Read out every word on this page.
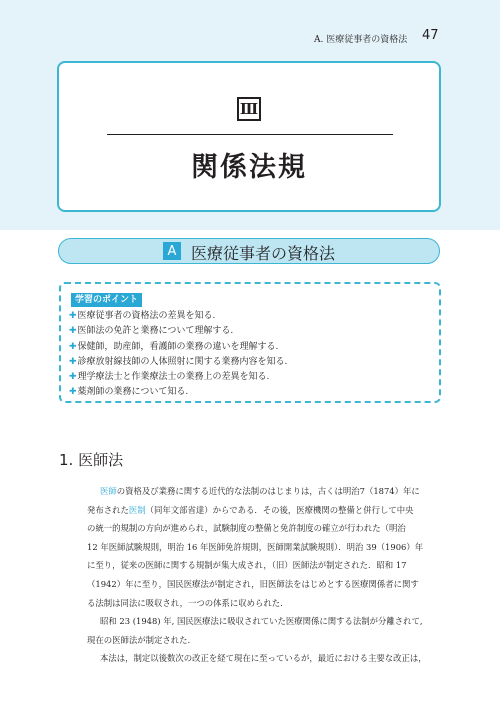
A. 医療従事者の資格法 47
Ⅲ
関係法規
A 医療従事者の資格法
学習のポイント
✚医療従事者の資格法の差異を知る.
✚医師法の免許と業務について理解する.
✚保健師，助産師，看護師の業務の違いを理解する.
✚診療放射線技師の人体照射に関する業務内容を知る.
✚理学療法士と作業療法士の業務上の差異を知る.
✚薬剤師の業務について知る.
1. 医師法

医師の資格及び業務に関する近代的な法制のはじまりは，古くは明治7（1874）年に
発布された医制（同年文部省達）からである．その後，医療機関の整備と併行して中央
の統一的規制の方向が進められ，試験制度の整備と免許制度の確立が行われた（明治
12 年医師試験規則，明治 16 年医師免許規則，医師開業試験規則）．明治 39（1906）年
に至り，従来の医師に関する規制が集大成され，（旧）医師法が制定された．昭和 17
（1942）年に至り，国民医療法が制定され，旧医師法をはじめとする医療関係者に関す
る法制は同法に吸収され，一つの体系に収められた．

昭和 23 (1948) 年, 国民医療法に吸収されていた医療関係に関する法制が分離されて,
現在の医師法が制定された.

本法は，制定以後数次の改正を経て現在に至っているが，最近における主要な改正は，
